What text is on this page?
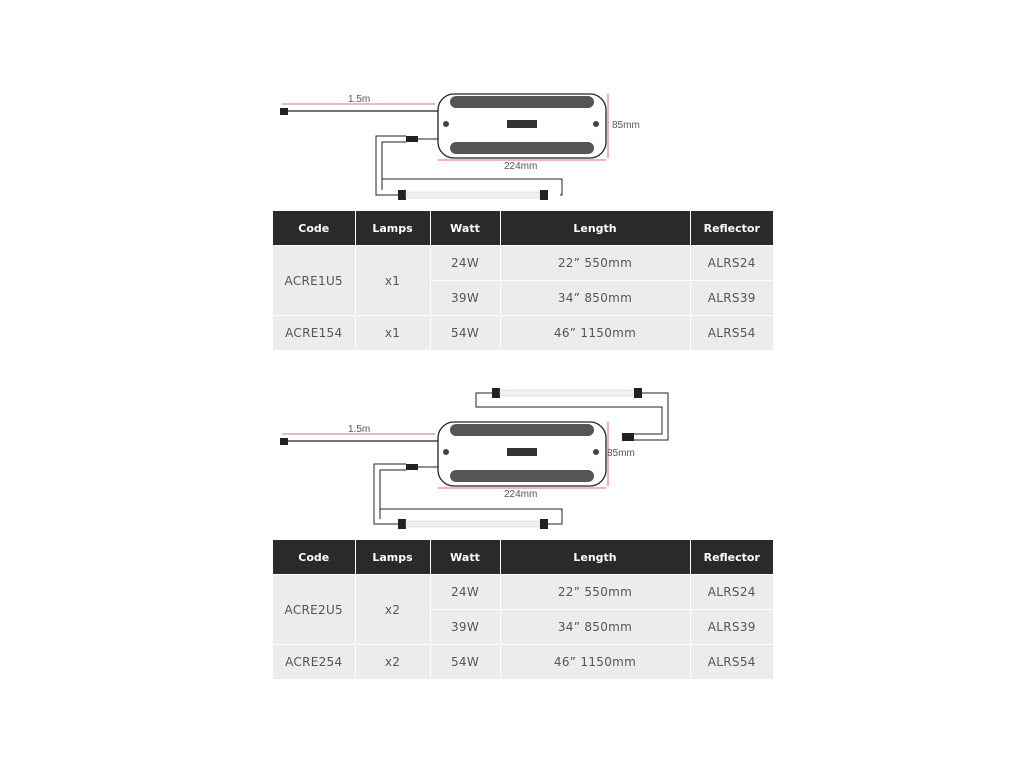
1.5m
85mm
224mm
Code	Lamps	Watt	Length	Reflector
ACRE1U5	x1	24W	22” 550mm	ALRS24
		39W	34” 850mm	ALRS39
ACRE154	x1	54W	46” 1150mm	ALRS54
1.5m
85mm
224mm
Code	Lamps	Watt	Length	Reflector
ACRE2U5	x2	24W	22” 550mm	ALRS24
		39W	34” 850mm	ALRS39
ACRE254	x2	54W	46” 1150mm	ALRS54
